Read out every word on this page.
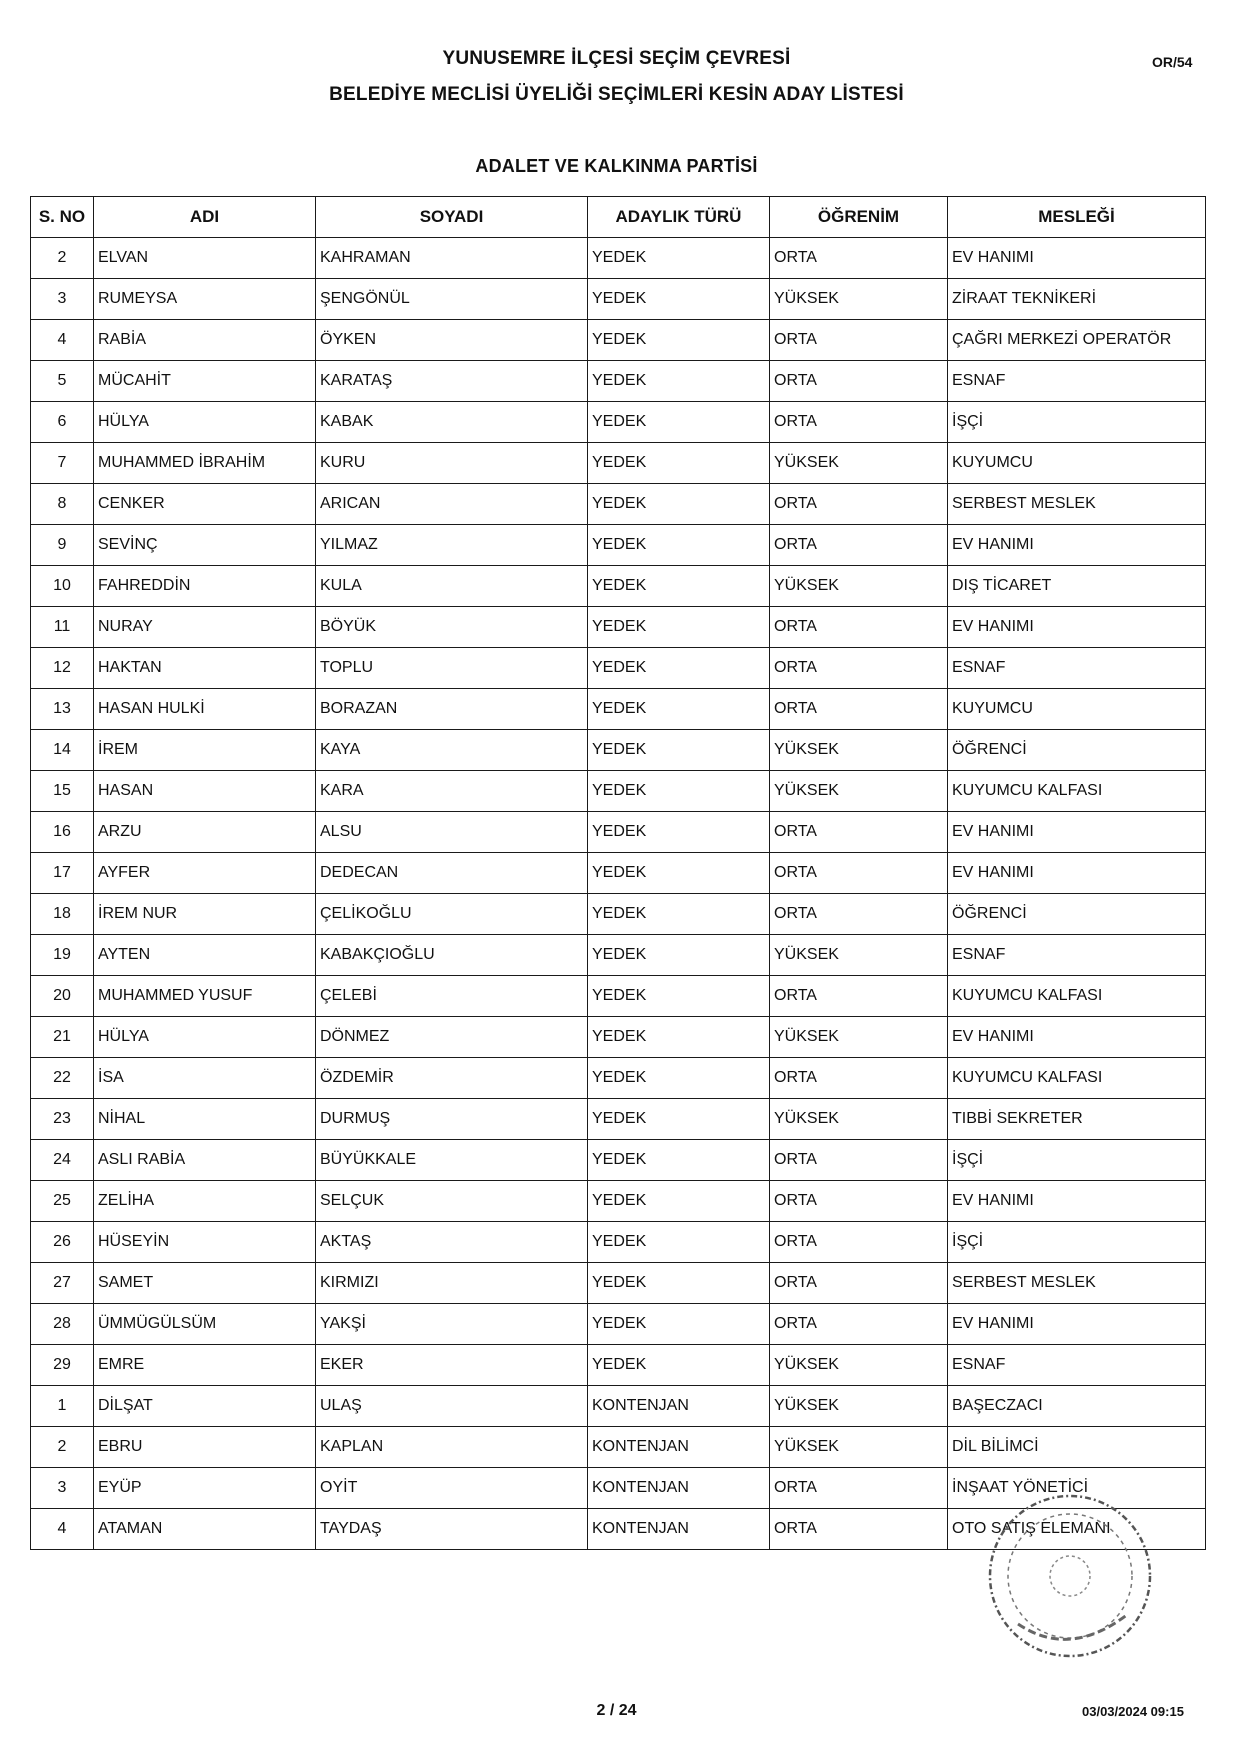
YUNUSEMRE İLÇESİ SEÇİM ÇEVRESİ
BELEDİYE MECLİSİ ÜYELİĞİ SEÇİMLERİ KESİN ADAY LİSTESİ
OR/54
ADALET VE KALKINMA PARTİSİ
S. NO	ADI	SOYADI	ADAYLIK TÜRÜ	ÖĞRENİM	MESLEĞİ
2	ELVAN	KAHRAMAN	YEDEK	ORTA	EV HANIMI
3	RUMEYSA	ŞENGÖNÜL	YEDEK	YÜKSEK	ZİRAAT TEKNİKERİ
4	RABİA	ÖYKEN	YEDEK	ORTA	ÇAĞRI MERKEZİ OPERATÖR
5	MÜCAHİT	KARATAŞ	YEDEK	ORTA	ESNAF
6	HÜLYA	KABAK	YEDEK	ORTA	İŞÇİ
7	MUHAMMED İBRAHİM	KURU	YEDEK	YÜKSEK	KUYUMCU
8	CENKER	ARICAN	YEDEK	ORTA	SERBEST MESLEK
9	SEVİNÇ	YILMAZ	YEDEK	ORTA	EV HANIMI
10	FAHREDDİN	KULA	YEDEK	YÜKSEK	DIŞ TİCARET
11	NURAY	BÖYÜK	YEDEK	ORTA	EV HANIMI
12	HAKTAN	TOPLU	YEDEK	ORTA	ESNAF
13	HASAN HULKİ	BORAZAN	YEDEK	ORTA	KUYUMCU
14	İREM	KAYA	YEDEK	YÜKSEK	ÖĞRENCİ
15	HASAN	KARA	YEDEK	YÜKSEK	KUYUMCU KALFASI
16	ARZU	ALSU	YEDEK	ORTA	EV HANIMI
17	AYFER	DEDECAN	YEDEK	ORTA	EV HANIMI
18	İREM NUR	ÇELİKOĞLU	YEDEK	ORTA	ÖĞRENCİ
19	AYTEN	KABAKÇIOĞLU	YEDEK	YÜKSEK	ESNAF
20	MUHAMMED YUSUF	ÇELEBİ	YEDEK	ORTA	KUYUMCU KALFASI
21	HÜLYA	DÖNMEZ	YEDEK	YÜKSEK	EV HANIMI
22	İSA	ÖZDEMİR	YEDEK	ORTA	KUYUMCU KALFASI
23	NİHAL	DURMUŞ	YEDEK	YÜKSEK	TIBBİ SEKRETER
24	ASLI RABİA	BÜYÜKKALE	YEDEK	ORTA	İŞÇİ
25	ZELİHA	SELÇUK	YEDEK	ORTA	EV HANIMI
26	HÜSEYİN	AKTAŞ	YEDEK	ORTA	İŞÇİ
27	SAMET	KIRMIZI	YEDEK	ORTA	SERBEST MESLEK
28	ÜMMÜGÜLSÜM	YAKŞİ	YEDEK	ORTA	EV HANIMI
29	EMRE	EKER	YEDEK	YÜKSEK	ESNAF
1	DİLŞAT	ULAŞ	KONTENJAN	YÜKSEK	BAŞECZACI
2	EBRU	KAPLAN	KONTENJAN	YÜKSEK	DİL BİLİMCİ
3	EYÜP	OYİT	KONTENJAN	ORTA	İNŞAAT YÖNETİCİ
4	ATAMAN	TAYDAŞ	KONTENJAN	ORTA	OTO SATIŞ ELEMANI
2 / 24	03/03/2024 09:15
